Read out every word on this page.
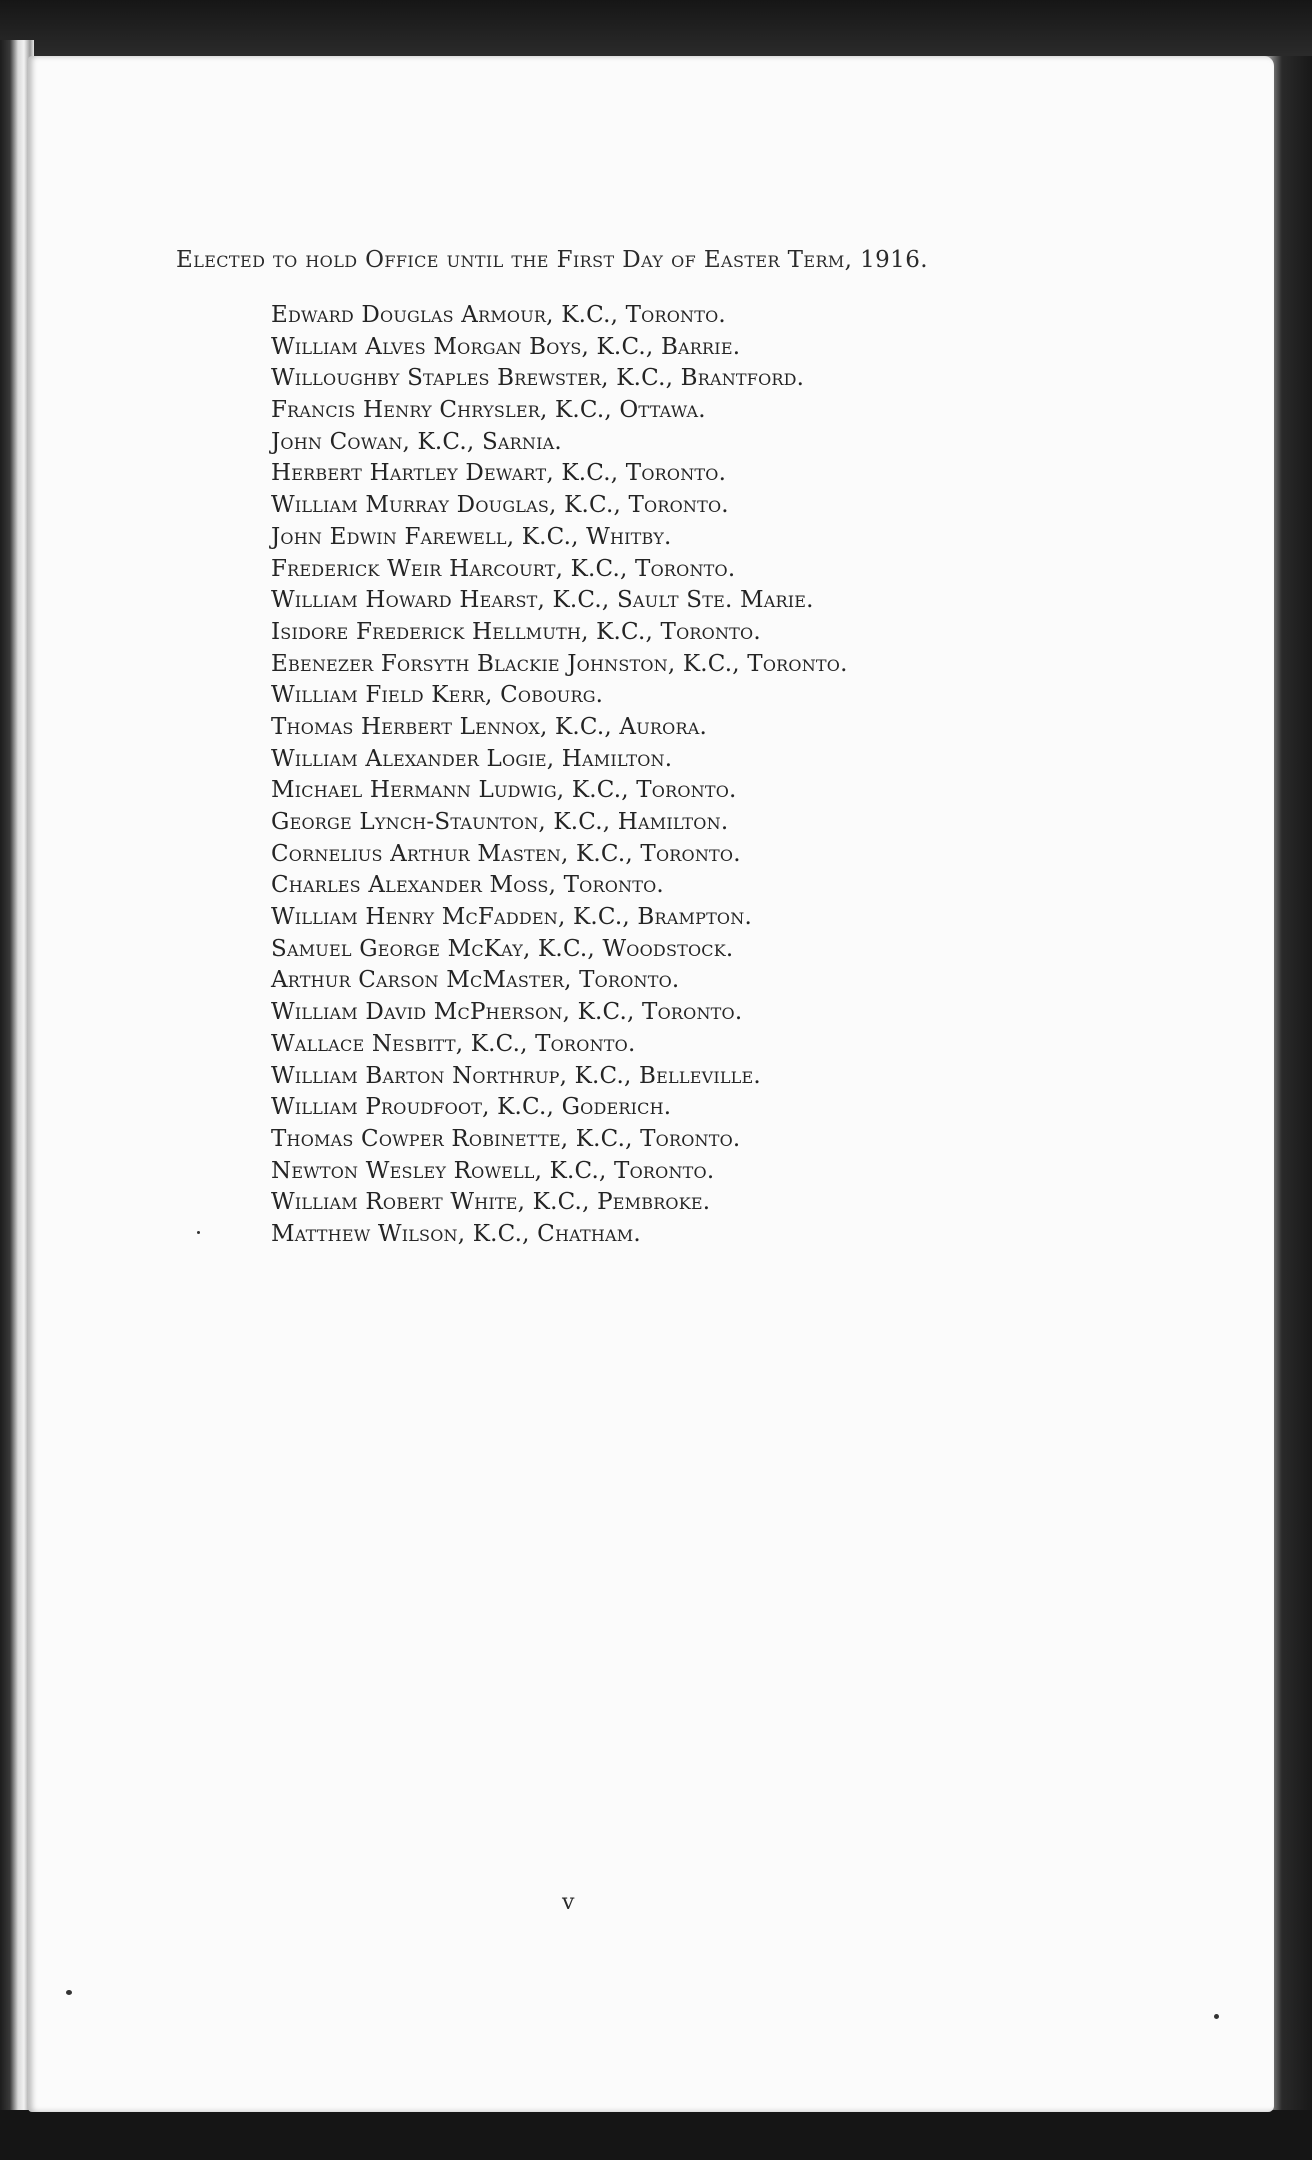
Elected to hold Office until the First Day of Easter Term, 1916.
Edward Douglas Armour, K.C., Toronto.
William Alves Morgan Boys, K.C., Barrie.
Willoughby Staples Brewster, K.C., Brantford.
Francis Henry Chrysler, K.C., Ottawa.
John Cowan, K.C., Sarnia.
Herbert Hartley Dewart, K.C., Toronto.
William Murray Douglas, K.C., Toronto.
John Edwin Farewell, K.C., Whitby.
Frederick Weir Harcourt, K.C., Toronto.
William Howard Hearst, K.C., Sault Ste. Marie.
Isidore Frederick Hellmuth, K.C., Toronto.
Ebenezer Forsyth Blackie Johnston, K.C., Toronto.
William Field Kerr, Cobourg.
Thomas Herbert Lennox, K.C., Aurora.
William Alexander Logie, Hamilton.
Michael Hermann Ludwig, K.C., Toronto.
George Lynch-Staunton, K.C., Hamilton.
Cornelius Arthur Masten, K.C., Toronto.
Charles Alexander Moss, Toronto.
William Henry McFadden, K.C., Brampton.
Samuel George McKay, K.C., Woodstock.
Arthur Carson McMaster, Toronto.
William David McPherson, K.C., Toronto.
Wallace Nesbitt, K.C., Toronto.
William Barton Northrup, K.C., Belleville.
William Proudfoot, K.C., Goderich.
Thomas Cowper Robinette, K.C., Toronto.
Newton Wesley Rowell, K.C., Toronto.
William Robert White, K.C., Pembroke.
Matthew Wilson, K.C., Chatham.
v
